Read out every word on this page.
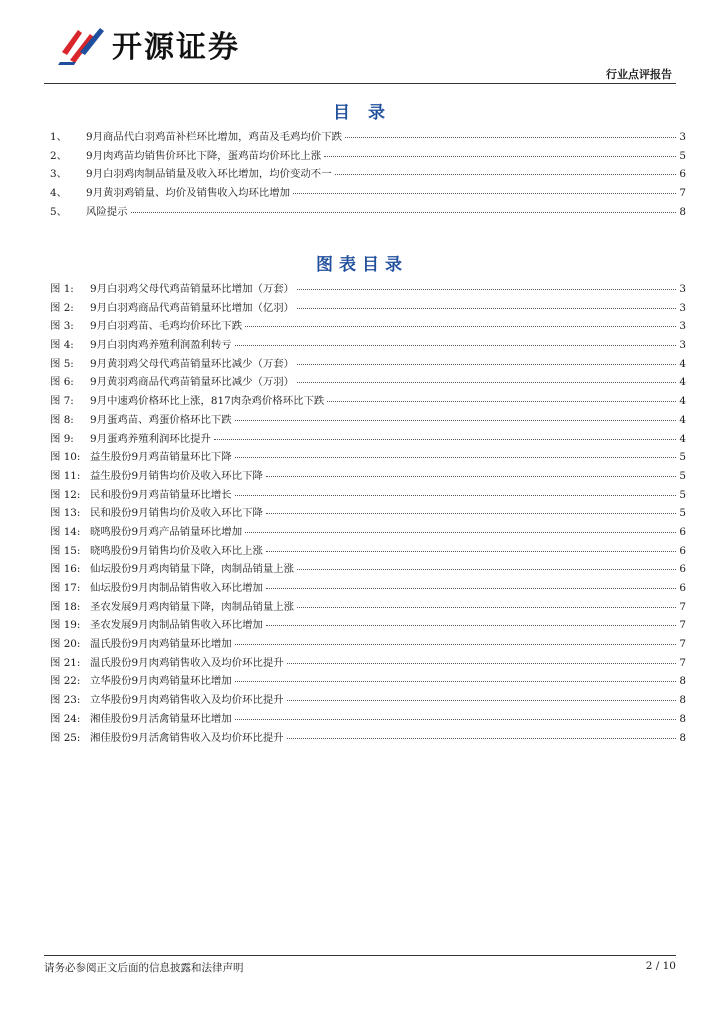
开源证券
行业点评报告
目 录
1、	9月商品代白羽鸡苗补栏环比增加，鸡苗及毛鸡均价下跌	3
2、	9月肉鸡苗均销售价环比下降，蛋鸡苗均价环比上涨	5
3、	9月白羽鸡肉制品销量及收入环比增加，均价变动不一	6
4、	9月黄羽鸡销量、均价及销售收入均环比增加	7
5、	风险提示	8
图表目录
图 1:	9月白羽鸡父母代鸡苗销量环比增加（万套）	3
图 2:	9月白羽鸡商品代鸡苗销量环比增加（亿羽）	3
图 3:	9月白羽鸡苗、毛鸡均价环比下跌	3
图 4:	9月白羽肉鸡养殖利润盈利转亏	3
图 5:	9月黄羽鸡父母代鸡苗销量环比减少（万套）	4
图 6:	9月黄羽鸡商品代鸡苗销量环比减少（万羽）	4
图 7:	9月中速鸡价格环比上涨，817肉杂鸡价格环比下跌	4
图 8:	9月蛋鸡苗、鸡蛋价格环比下跌	4
图 9:	9月蛋鸡养殖利润环比提升	4
图 10: 益生股份9月鸡苗销量环比下降	5
图 11: 益生股份9月销售均价及收入环比下降	5
图 12: 民和股份9月鸡苗销量环比增长	5
图 13: 民和股份9月销售均价及收入环比下降	5
图 14: 晓鸣股份9月鸡产品销量环比增加	6
图 15: 晓鸣股份9月销售均价及收入环比上涨	6
图 16: 仙坛股份9月鸡肉销量下降，肉制品销量上涨	6
图 17: 仙坛股份9月肉制品销售收入环比增加	6
图 18: 圣农发展9月鸡肉销量下降，肉制品销量上涨	7
图 19: 圣农发展9月肉制品销售收入环比增加	7
图 20: 温氏股份9月肉鸡销量环比增加	7
图 21: 温氏股份9月肉鸡销售收入及均价环比提升	7
图 22: 立华股份9月肉鸡销量环比增加	8
图 23: 立华股份9月肉鸡销售收入及均价环比提升	8
图 24: 湘佳股份9月活禽销量环比增加	8
图 25: 湘佳股份9月活禽销售收入及均价环比提升	8
请务必参阅正文后面的信息披露和法律声明	2 / 10
